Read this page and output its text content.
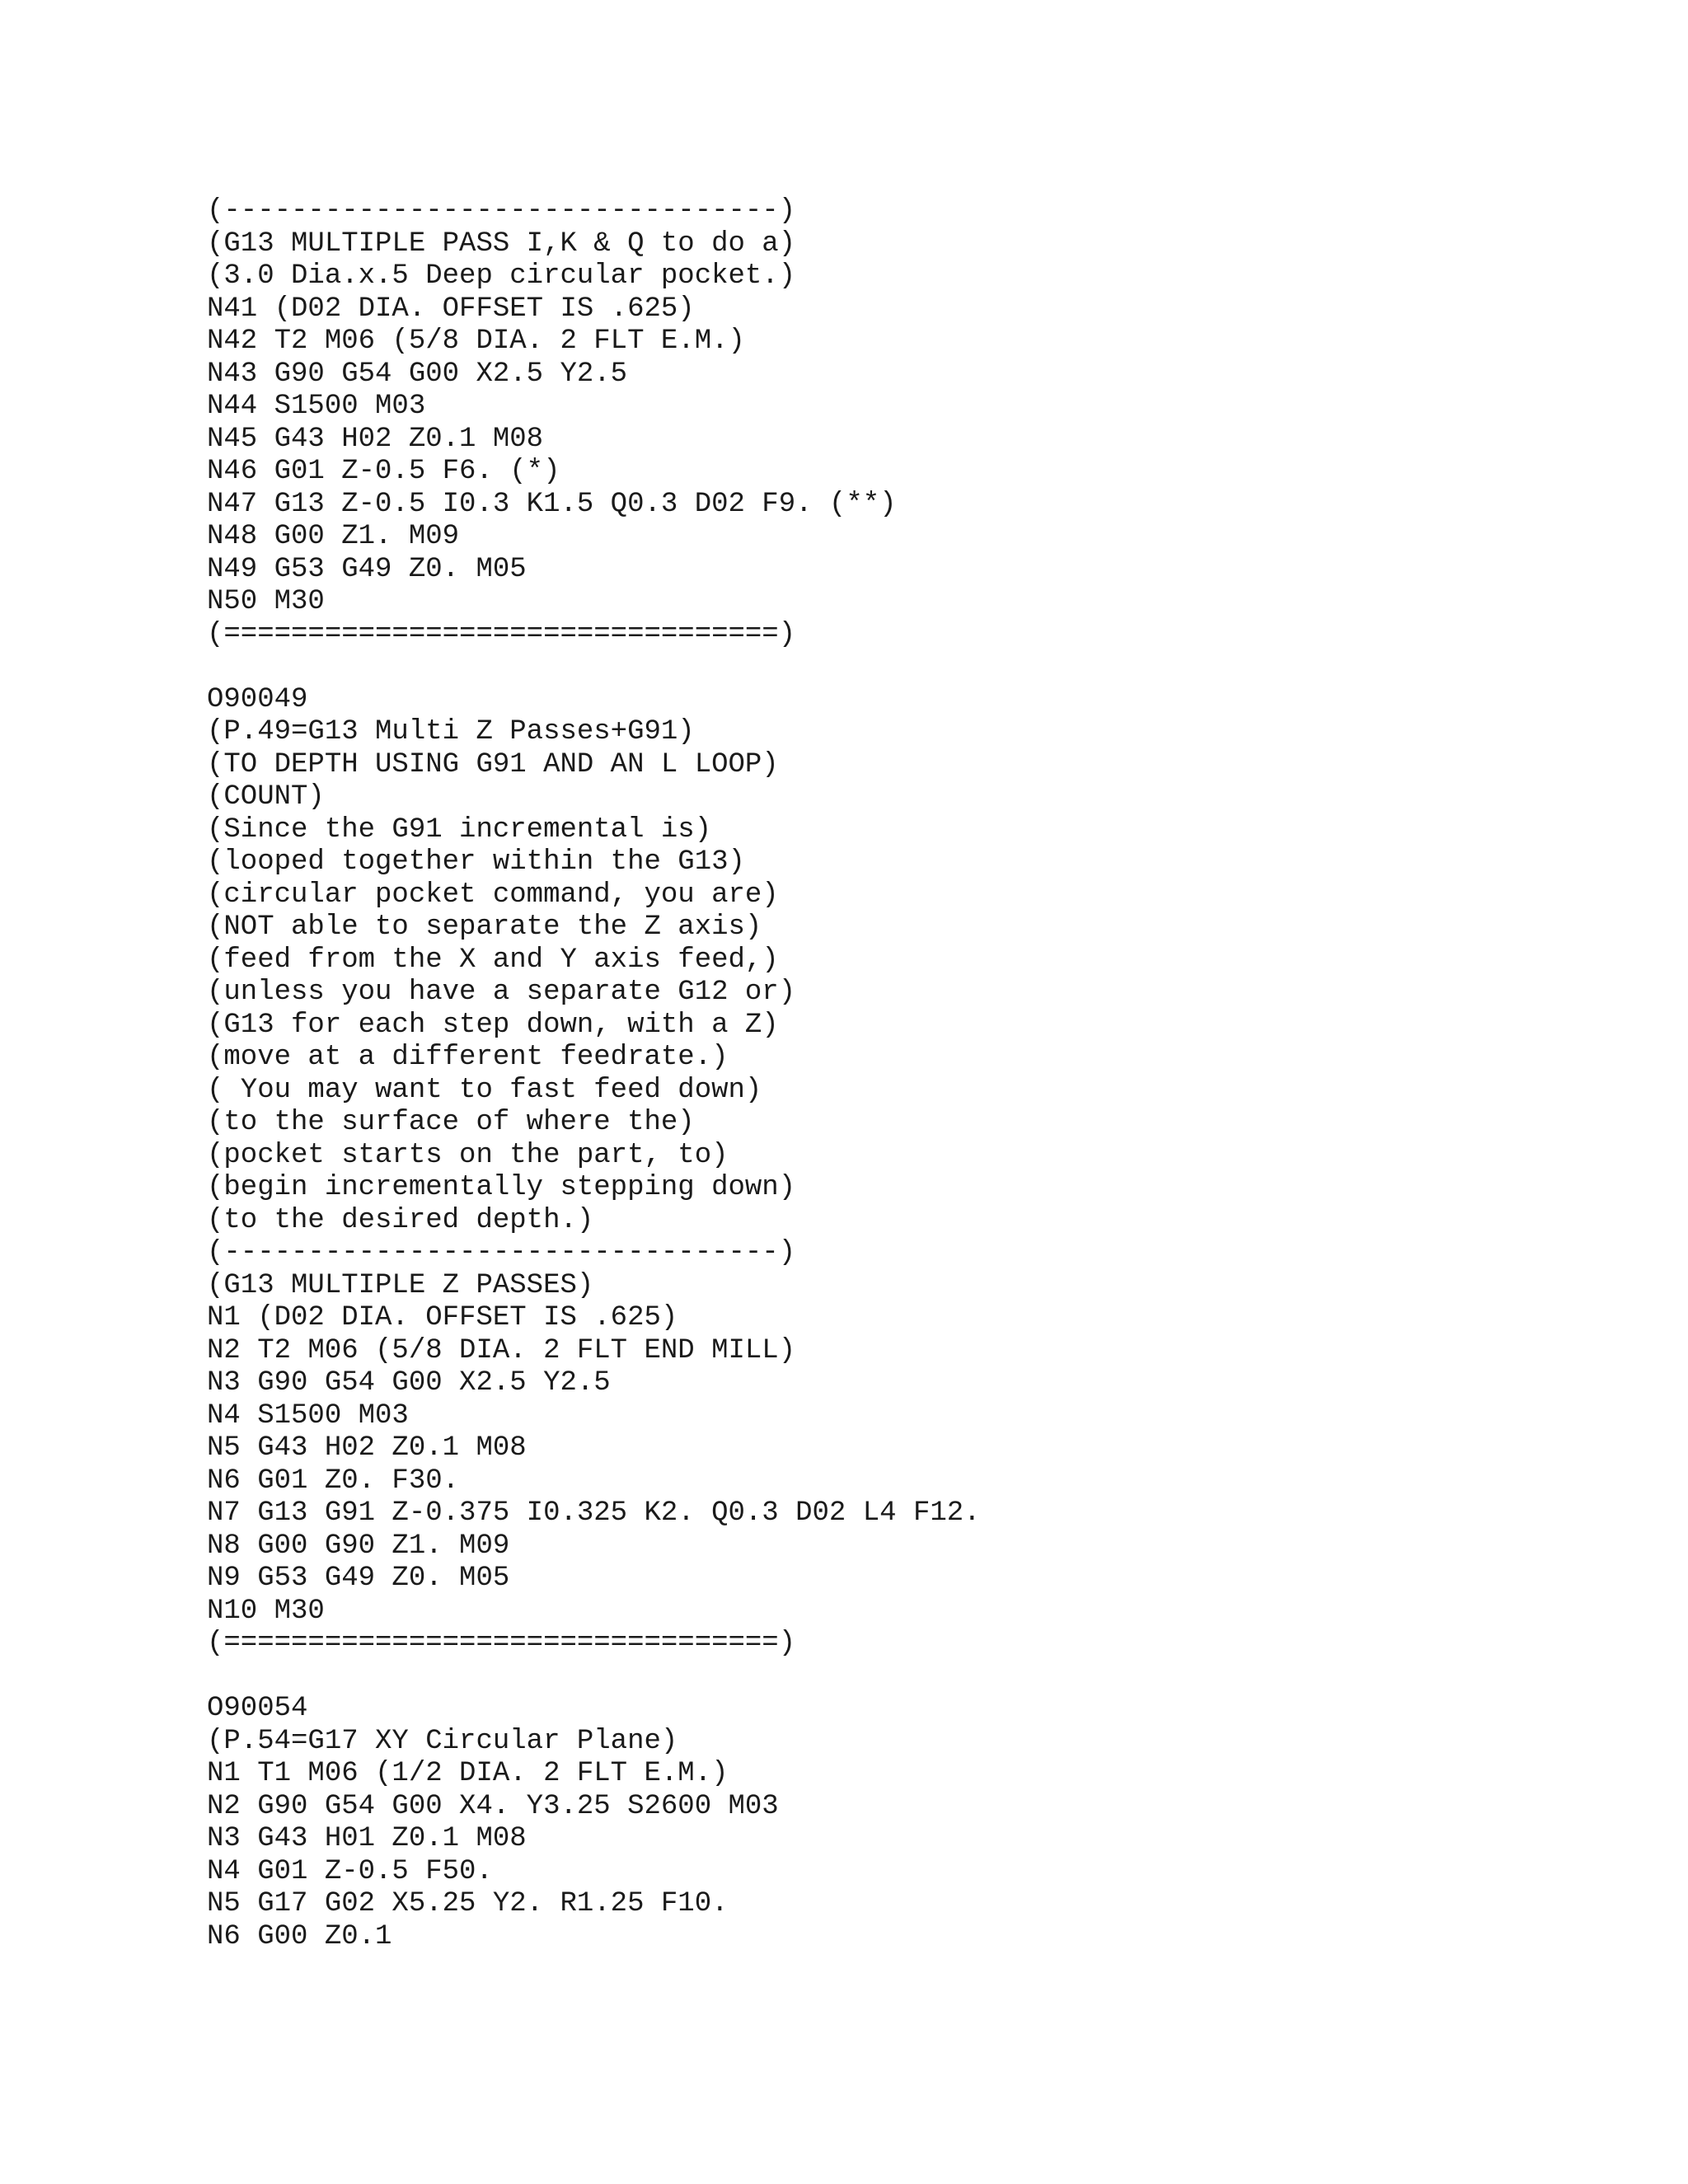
(---------------------------------)
(G13 MULTIPLE PASS I,K & Q to do a)
(3.0 Dia.x.5 Deep circular pocket.)
N41 (D02 DIA. OFFSET IS .625)
N42 T2 M06 (5/8 DIA. 2 FLT E.M.)
N43 G90 G54 G00 X2.5 Y2.5
N44 S1500 M03
N45 G43 H02 Z0.1 M08
N46 G01 Z-0.5 F6. (*)
N47 G13 Z-0.5 I0.3 K1.5 Q0.3 D02 F9. (**)
N48 G00 Z1. M09
N49 G53 G49 Z0. M05
N50 M30
(=================================)

O90049
(P.49=G13 Multi Z Passes+G91)
(TO DEPTH USING G91 AND AN L LOOP)
(COUNT)
(Since the G91 incremental is)
(looped together within the G13)
(circular pocket command, you are)
(NOT able to separate the Z axis)
(feed from the X and Y axis feed,)
(unless you have a separate G12 or)
(G13 for each step down, with a Z)
(move at a different feedrate.)
( You may want to fast feed down)
(to the surface of where the)
(pocket starts on the part, to)
(begin incrementally stepping down)
(to the desired depth.)
(---------------------------------)
(G13 MULTIPLE Z PASSES)
N1 (D02 DIA. OFFSET IS .625)
N2 T2 M06 (5/8 DIA. 2 FLT END MILL)
N3 G90 G54 G00 X2.5 Y2.5
N4 S1500 M03
N5 G43 H02 Z0.1 M08
N6 G01 Z0. F30.
N7 G13 G91 Z-0.375 I0.325 K2. Q0.3 D02 L4 F12.
N8 G00 G90 Z1. M09
N9 G53 G49 Z0. M05
N10 M30
(=================================)

O90054
(P.54=G17 XY Circular Plane)
N1 T1 M06 (1/2 DIA. 2 FLT E.M.)
N2 G90 G54 G00 X4. Y3.25 S2600 M03
N3 G43 H01 Z0.1 M08
N4 G01 Z-0.5 F50.
N5 G17 G02 X5.25 Y2. R1.25 F10.
N6 G00 Z0.1
